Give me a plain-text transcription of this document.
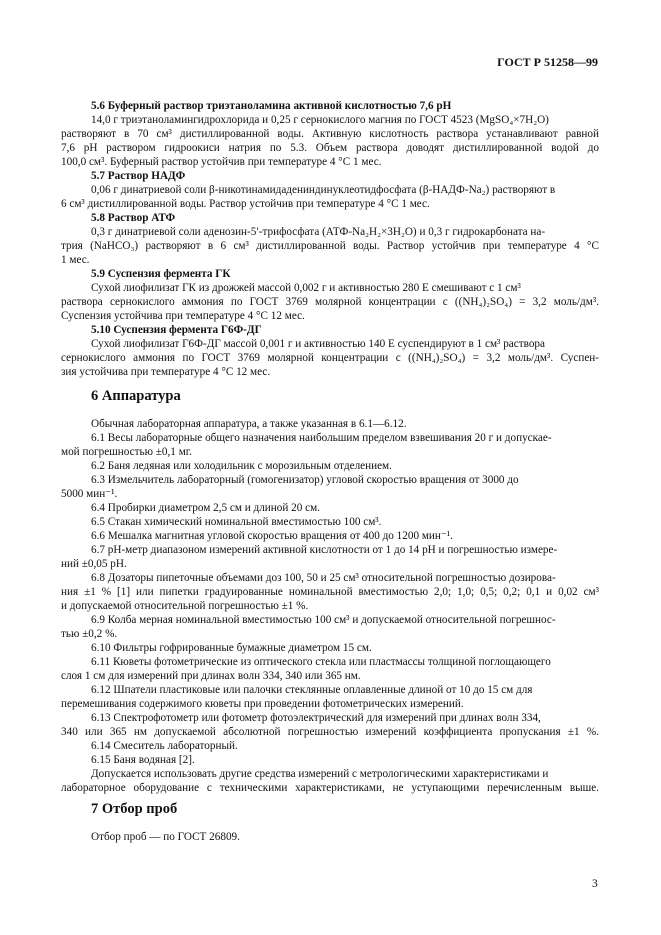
ГОСТ Р 51258—99
5.6 Буферный раствор триэтаноламина активной кислотностью 7,6 pH
14,0 г триэтаноламингидрохлорида и 0,25 г сернокислого магния по ГОСТ 4523 (MgSO₄×7H₂O)
растворяют в 70 см³ дистиллированной воды. Активную кислотность раствора устанавливают равной
7,6 pH раствором гидроокиси натрия по 5.3. Объем раствора доводят дистиллированной водой до
100,0 см³. Буферный раствор устойчив при температуре 4 °С 1 мес.
5.7 Раствор НАДФ
0,06 г динатриевой соли β-никотинамидадениндинуклеотидфосфата (β-НАДФ-Na₂) растворяют в
6 см³ дистиллированной воды. Раствор устойчив при температуре 4 °С 1 мес.
5.8 Раствор АТФ
0,3 г динатриевой соли аденозин-5′-трифосфата (АТФ-Na₂H₂×3H₂O) и 0,3 г гидрокарбоната на-
трия (NaHCO₃) растворяют в 6 см³ дистиллированной воды. Раствор устойчив при температуре 4 °С
1 мес.
5.9 Суспензия фермента ГК
Сухой лиофилизат ГК из дрожжей массой 0,002 г и активностью 280 Е смешивают с 1 см³
раствора сернокислого аммония по ГОСТ 3769 молярной концентрации c ((NH₄)₂SO₄) = 3,2 моль/дм³.
Суспензия устойчива при температуре 4 °С 12 мес.
5.10 Суспензия фермента Г6Ф-ДГ
Сухой лиофилизат Г6Ф-ДГ массой 0,001 г и активностью 140 Е суспендируют в 1 см³ раствора
сернокислого аммония по ГОСТ 3769 молярной концентрации c ((NH₄)₂SO₄) = 3,2 моль/дм³. Суспен-
зия устойчива при температуре 4 °С 12 мес.
6 Аппаратура
Обычная лабораторная аппаратура, а также указанная в 6.1—6.12.
6.1 Весы лабораторные общего назначения наибольшим пределом взвешивания 20 г и допускае-
мой погрешностью ±0,1 мг.
6.2 Баня ледяная или холодильник с морозильным отделением.
6.3 Измельчитель лабораторный (гомогенизатор) угловой скоростью вращения от 3000 до
5000 мин⁻¹.
6.4 Пробирки диаметром 2,5 см и длиной 20 см.
6.5 Стакан химический номинальной вместимостью 100 см³.
6.6 Мешалка магнитная угловой скоростью вращения от 400 до 1200 мин⁻¹.
6.7 pH-метр диапазоном измерений активной кислотности от 1 до 14 pH и погрешностью измере-
ний ±0,05 pH.
6.8 Дозаторы пипеточные объемами доз 100, 50 и 25 см³ относительной погрешностью дозирова-
ния ±1 % [1] или пипетки градуированные номинальной вместимостью 2,0; 1,0; 0,5; 0,2; 0,1 и 0,02 см³
и допускаемой относительной погрешностью ±1 %.
6.9 Колба мерная номинальной вместимостью 100 см³ и допускаемой относительной погрешнос-
тью ±0,2 %.
6.10 Фильтры гофрированные бумажные диаметром 15 см.
6.11 Кюветы фотометрические из оптического стекла или пластмассы толщиной поглощающего
слоя 1 см для измерений при длинах волн 334, 340 или 365 нм.
6.12 Шпатели пластиковые или палочки стеклянные оплавленные длиной от 10 до 15 см для
перемешивания содержимого кюветы при проведении фотометрических измерений.
6.13 Спектрофотометр или фотометр фотоэлектрический для измерений при длинах волн 334,
340 или 365 нм допускаемой абсолютной погрешностью измерений коэффициента пропускания ±1 %.
6.14 Смеситель лабораторный.
6.15 Баня водяная [2].
Допускается использовать другие средства измерений с метрологическими характеристиками и
лабораторное оборудование с техническими характеристиками, не уступающими перечисленным выше.
7 Отбор проб
Отбор проб — по ГОСТ 26809.
3
